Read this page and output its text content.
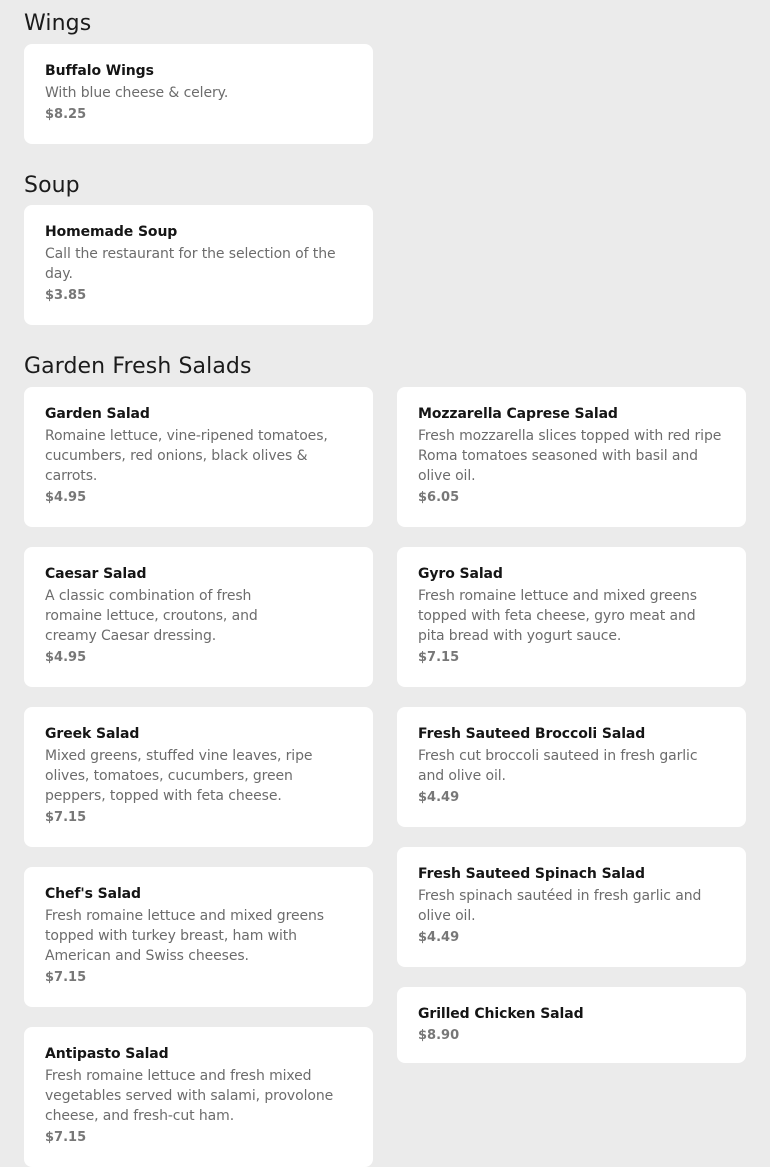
Wings
Buffalo Wings

With blue cheese & celery.

$8.25
Soup
Homemade Soup

Call the restaurant for the selection of the day.

$3.85
Garden Fresh Salads
Garden Salad

Romaine lettuce, vine-ripened tomatoes, cucumbers, red onions, black olives & carrots.

$4.95
Mozzarella Caprese Salad

Fresh mozzarella slices topped with red ripe Roma tomatoes seasoned with basil and olive oil.

$6.05
Caesar Salad

A classic combination of fresh romaine lettuce, croutons, and creamy Caesar dressing.

$4.95
Gyro Salad

Fresh romaine lettuce and mixed greens topped with feta cheese, gyro meat and pita bread with yogurt sauce.

$7.15
Greek Salad

Mixed greens, stuffed vine leaves, ripe olives, tomatoes, cucumbers, green peppers, topped with feta cheese.

$7.15
Fresh Sauteed Broccoli Salad

Fresh cut broccoli sauteed in fresh garlic and olive oil.

$4.49
Chef's Salad

Fresh romaine lettuce and mixed greens topped with turkey breast, ham with American and Swiss cheeses.

$7.15
Fresh Sauteed Spinach Salad

Fresh spinach sautéed in fresh garlic and olive oil.

$4.49
Antipasto Salad

Fresh romaine lettuce and fresh mixed vegetables served with salami, provolone cheese, and fresh-cut ham.

$7.15
Grilled Chicken Salad
$8.90
